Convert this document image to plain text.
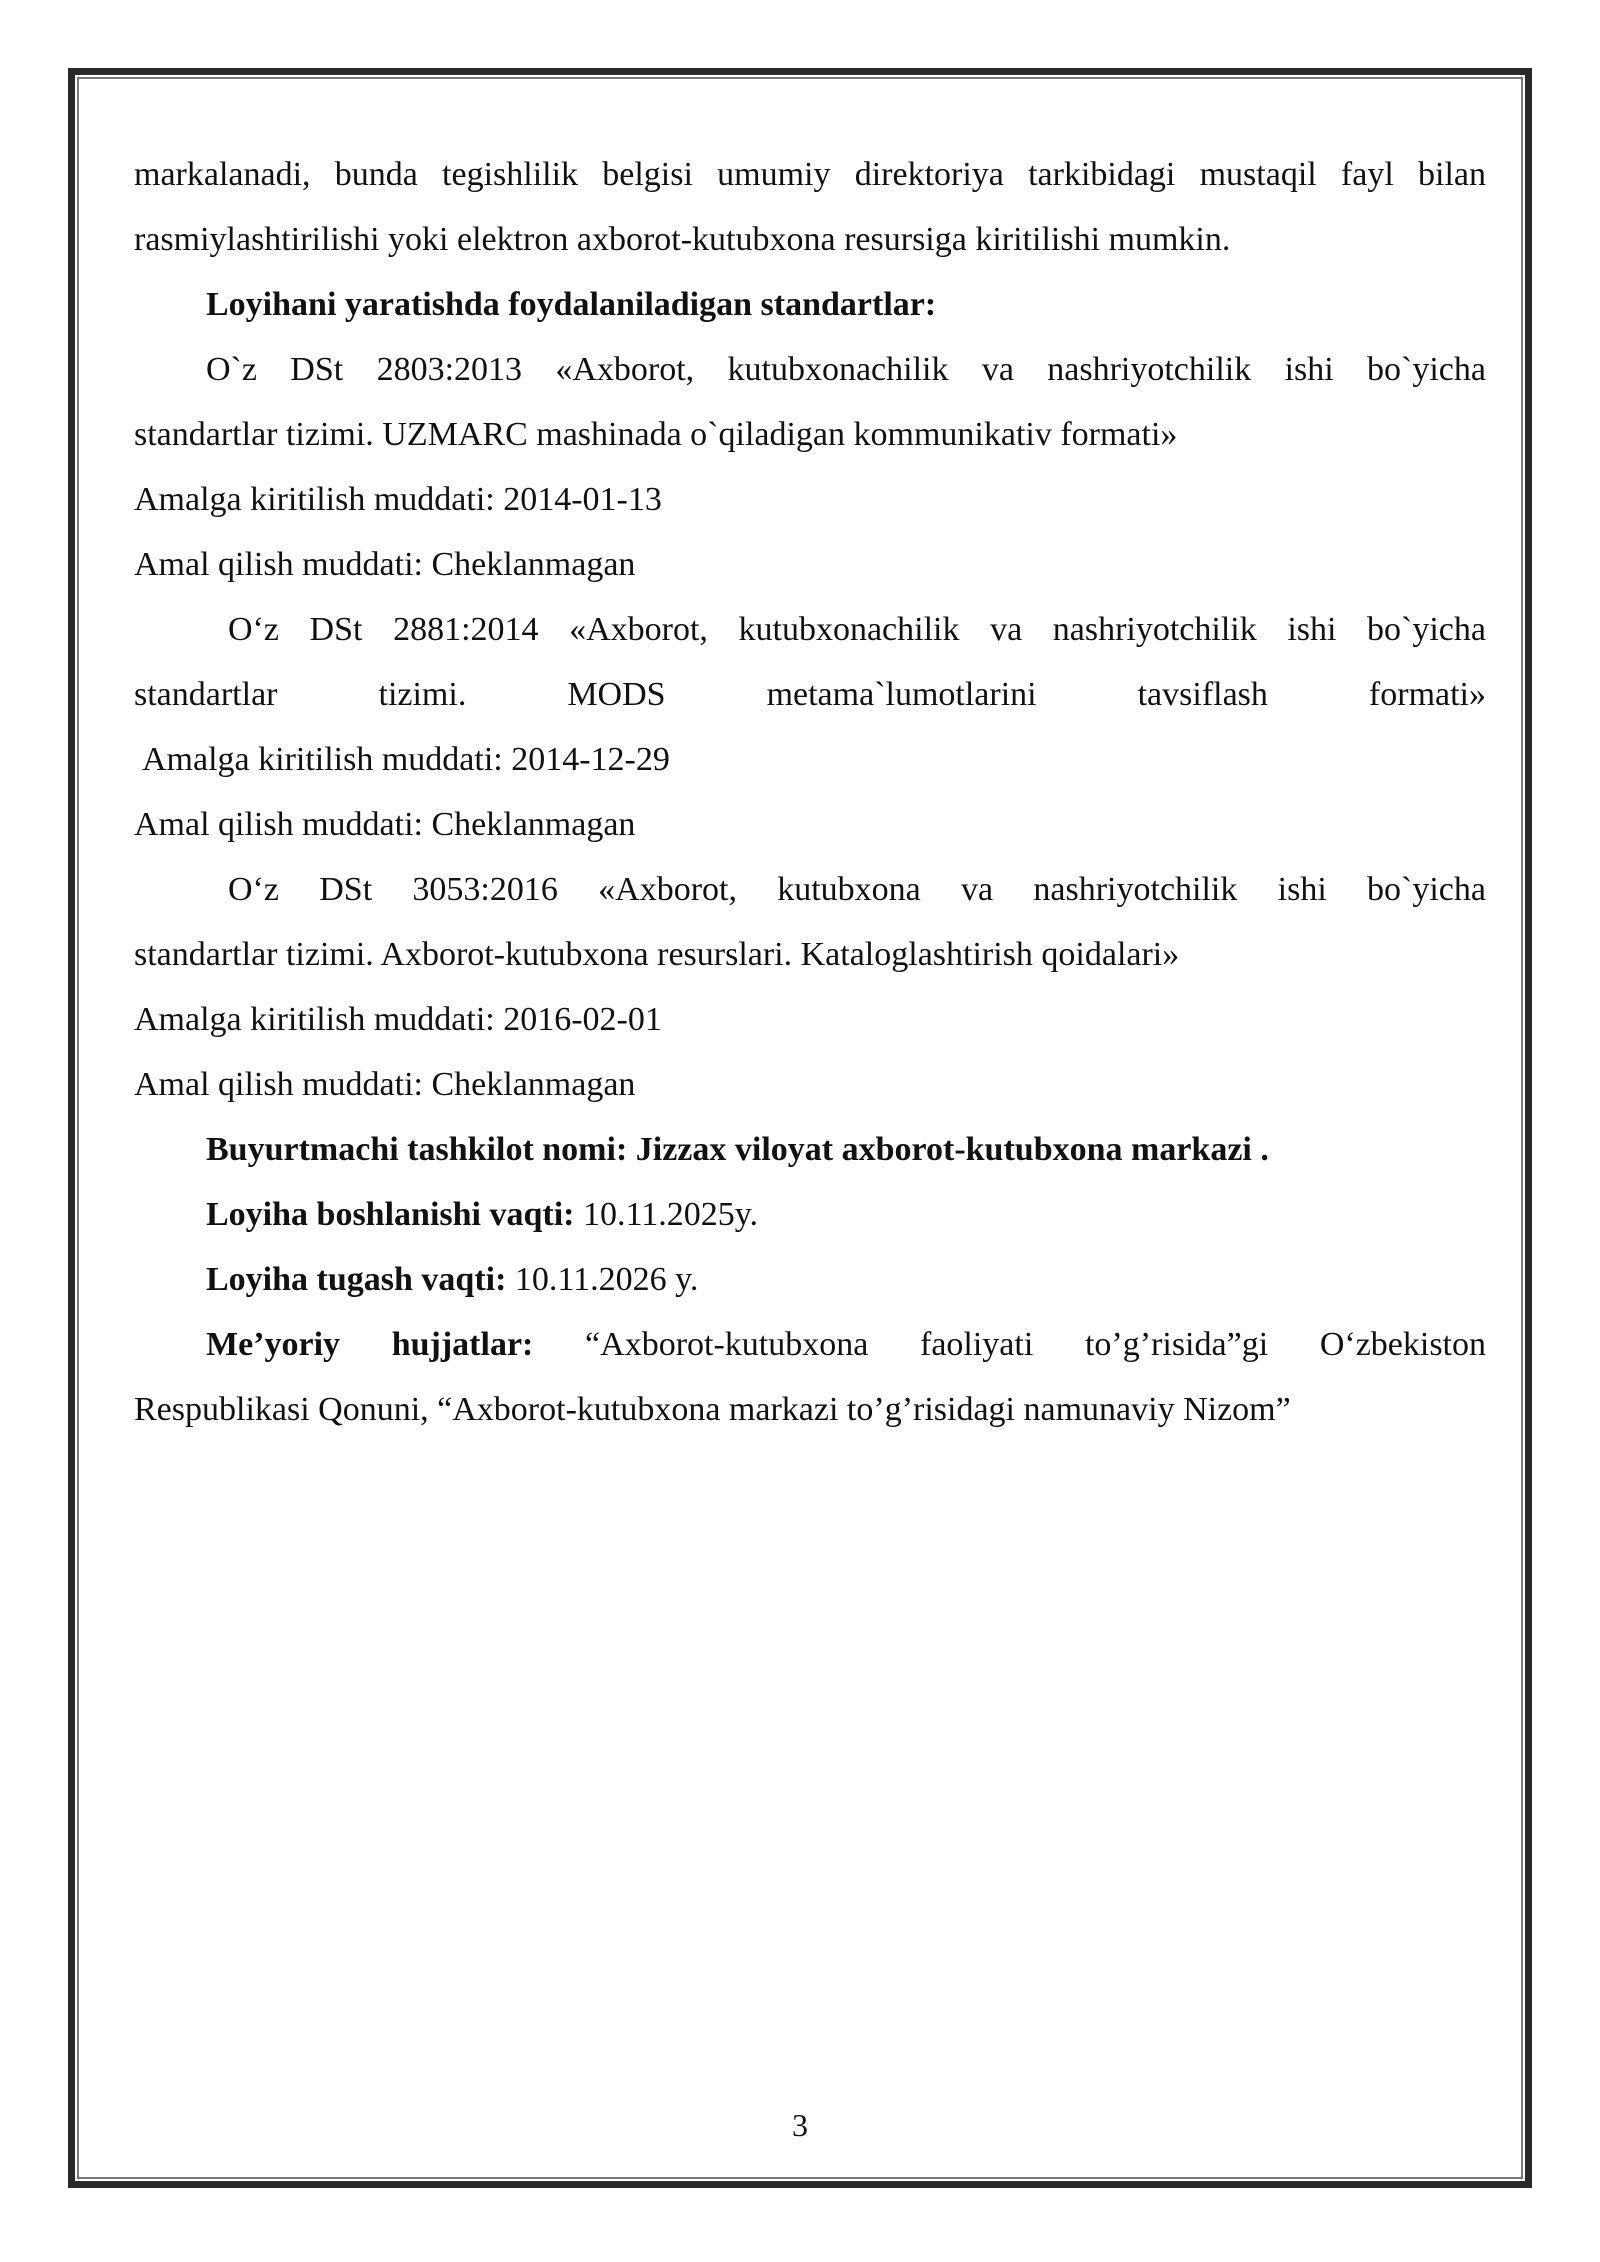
markalanadi, bunda tegishlilik belgisi umumiy direktoriya tarkibidagi mustaqil fayl bilan

rasmiylashtirilishi yoki elektron axborot-kutubxona resursiga kiritilishi mumkin.

Loyihani yaratishda foydalaniladigan standartlar:

O`z DSt 2803:2013 «Axborot, kutubxonachilik va nashriyotchilik ishi bo`yicha

standartlar tizimi. UZMARC mashinada o`qiladigan kommunikativ formati»

Amalga kiritilish muddati: 2014-01-13

Amal qilish muddati: Cheklanmagan

O‘z DSt 2881:2014 «Axborot, kutubxonachilik va nashriyotchilik ishi bo`yicha

standartlar tizimi. MODS metama`lumotlarini tavsiflash formati»

Amalga kiritilish muddati: 2014-12-29

Amal qilish muddati: Cheklanmagan

O‘z DSt 3053:2016 «Axborot, kutubxona va nashriyotchilik ishi bo`yicha

standartlar tizimi. Axborot-kutubxona resurslari. Kataloglashtirish qoidalari»

Amalga kiritilish muddati: 2016-02-01

Amal qilish muddati: Cheklanmagan

Buyurtmachi tashkilot nomi: Jizzax viloyat axborot-kutubxona markazi .

Loyiha boshlanishi vaqti: 10.11.2025y.

Loyiha tugash vaqti: 10.11.2026 y.

Me’yoriy hujjatlar: “Axborot-kutubxona faoliyati to’g’risida”gi O‘zbekiston

Respublikasi Qonuni, “Axborot-kutubxona markazi to’g’risidagi namunaviy Nizom”

3
